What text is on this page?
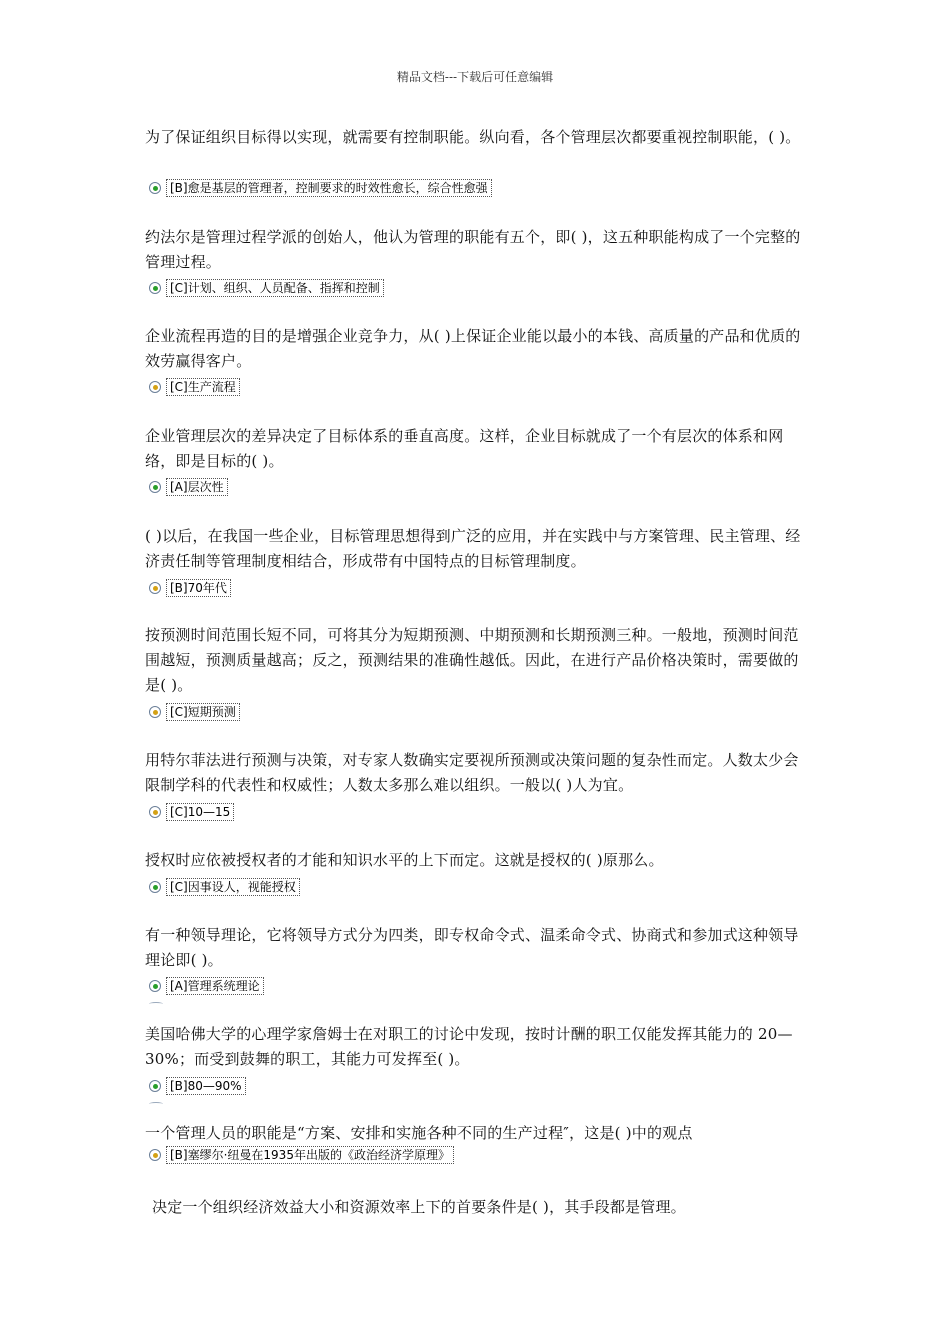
精品文档---下载后可任意编辑
为了保证组织目标得以实现，就需要有控制职能。纵向看，各个管理层次都要重视控制职能，( )。
[B]愈是基层的管理者，控制要求的时效性愈长，综合性愈强
约法尔是管理过程学派的创始人，他认为管理的职能有五个，即( )，这五种职能构成了一个完整的管理过程。
[C]计划、组织、人员配备、指挥和控制
企业流程再造的目的是增强企业竞争力，从( )上保证企业能以最小的本钱、高质量的产品和优质的效劳赢得客户。
[C]生产流程
企业管理层次的差异决定了目标体系的垂直高度。这样，企业目标就成了一个有层次的体系和网络，即是目标的( )。
[A]层次性
( )以后，在我国一些企业，目标管理思想得到广泛的应用，并在实践中与方案管理、民主管理、经济责任制等管理制度相结合，形成带有中国特点的目标管理制度。
[B]70年代
按预测时间范围长短不同，可将其分为短期预测、中期预测和长期预测三种。一般地，预测时间范围越短，预测质量越高；反之，预测结果的准确性越低。因此，在进行产品价格决策时，需要做的是( )。
[C]短期预测
用特尔菲法进行预测与决策，对专家人数确实定要视所预测或决策问题的复杂性而定。人数太少会限制学科的代表性和权威性；人数太多那么难以组织。一般以( )人为宜。
[C]10—15
授权时应依被授权者的才能和知识水平的上下而定。这就是授权的( )原那么。
[C]因事设人，视能授权
有一种领导理论，它将领导方式分为四类，即专权命令式、温柔命令式、协商式和参加式这种领导理论即( )。
[A]管理系统理论
美国哈佛大学的心理学家詹姆士在对职工的讨论中发现，按时计酬的职工仅能发挥其能力的 20—30%；而受到鼓舞的职工，其能力可发挥至( )。
[B]80—90%
一个管理人员的职能是“方案、安排和实施各种不同的生产过程″，这是( )中的观点
[B]塞缪尔·纽曼在1935年出版的《政治经济学原理》
决定一个组织经济效益大小和资源效率上下的首要条件是( )，其手段都是管理。
